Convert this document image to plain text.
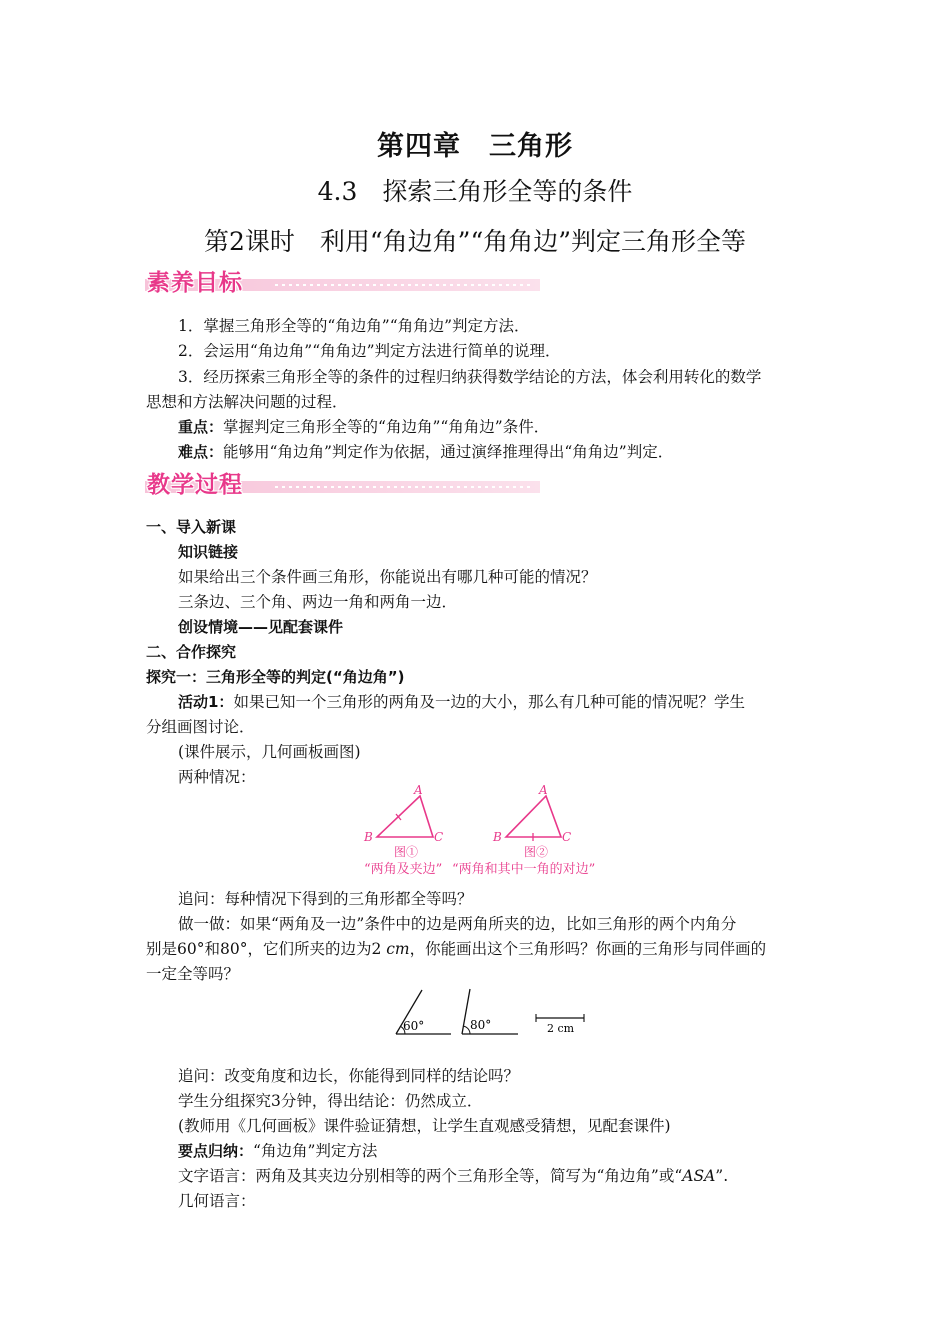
第四章　三角形
4.3　探索三角形全等的条件
第2课时　利用“角边角”“角角边”判定三角形全等
素养目标
1．掌握三角形全等的“角边角”“角角边”判定方法．
2．会运用“角边角”“角角边”判定方法进行简单的说理．
3．经历探索三角形全等的条件的过程归纳获得数学结论的方法，体会利用转化的数学
思想和方法解决问题的过程．
重点：掌握判定三角形全等的“角边角”“角角边”条件．
难点：能够用“角边角”判定作为依据，通过演绎推理得出“角角边”判定．
教学过程
一、导入新课
知识链接
如果给出三个条件画三角形，你能说出有哪几种可能的情况？
三条边、三个角、两边一角和两角一边．
创设情境——见配套课件
二、合作探究
探究一：三角形全等的判定(“角边角”)
活动1：如果已知一个三角形的两角及一边的大小，那么有几种可能的情况呢？学生
分组画图讨论．
(课件展示，几何画板画图)
两种情况：
A
B	C
图①
“两角及夹边”
A
B	C
图②
“两角和其中一角的对边”
追问：每种情况下得到的三角形都全等吗？
做一做：如果“两角及一边”条件中的边是两角所夹的边，比如三角形的两个内角分
别是60°和80°，它们所夹的边为2 cm，你能画出这个三角形吗？你画的三角形与同伴画的
一定全等吗？
60°	80°	2 cm
追问：改变角度和边长，你能得到同样的结论吗？
学生分组探究3分钟，得出结论：仍然成立．
(教师用《几何画板》课件验证猜想，让学生直观感受猜想，见配套课件)
要点归纳：“角边角”判定方法
文字语言：两角及其夹边分别相等的两个三角形全等，简写为“角边角”或“ASA”.
几何语言：
